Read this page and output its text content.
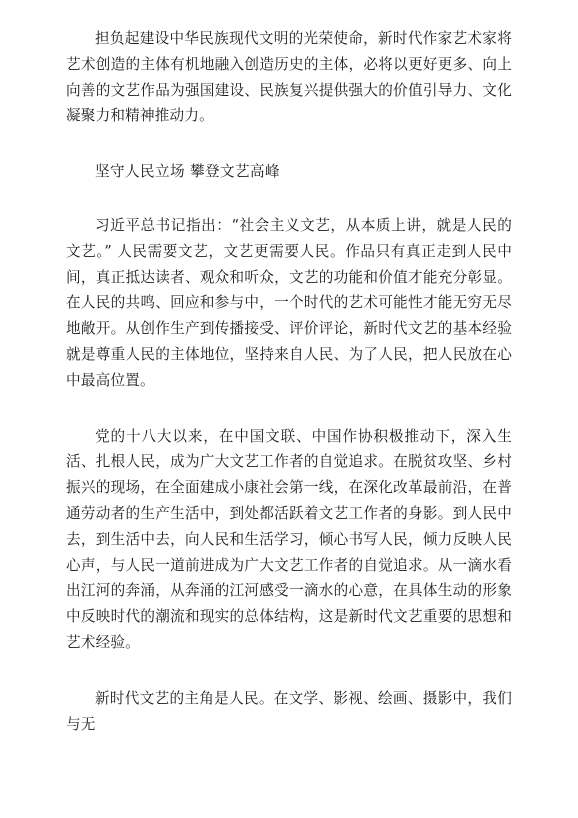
担负起建设中华民族现代文明的光荣使命，新时代作家艺术家将艺术创造的主体有机地融入创造历史的主体，必将以更好更多、向上向善的文艺作品为强国建设、民族复兴提供强大的价值引导力、文化凝聚力和精神推动力。

坚守人民立场 攀登文艺高峰

习近平总书记指出：“社会主义文艺，从本质上讲，就是人民的文艺。” 人民需要文艺，文艺更需要人民。作品只有真正走到人民中间，真正抵达读者、观众和听众，文艺的功能和价值才能充分彰显。在人民的共鸣、回应和参与中，一个时代的艺术可能性才能无穷无尽地敞开。从创作生产到传播接受、评价评论，新时代文艺的基本经验就是尊重人民的主体地位，坚持来自人民、为了人民，把人民放在心中最高位置。

党的十八大以来，在中国文联、中国作协积极推动下，深入生活、扎根人民，成为广大文艺工作者的自觉追求。在脱贫攻坚、乡村振兴的现场，在全面建成小康社会第一线，在深化改革最前沿，在普通劳动者的生产生活中，到处都活跃着文艺工作者的身影。到人民中去，到生活中去，向人民和生活学习，倾心书写人民，倾力反映人民心声，与人民一道前进成为广大文艺工作者的自觉追求。从一滴水看出江河的奔涌，从奔涌的江河感受一滴水的心意，在具体生动的形象中反映时代的潮流和现实的总体结构，这是新时代文艺重要的思想和艺术经验。

新时代文艺的主角是人民。在文学、影视、绘画、摄影中，我们与无
